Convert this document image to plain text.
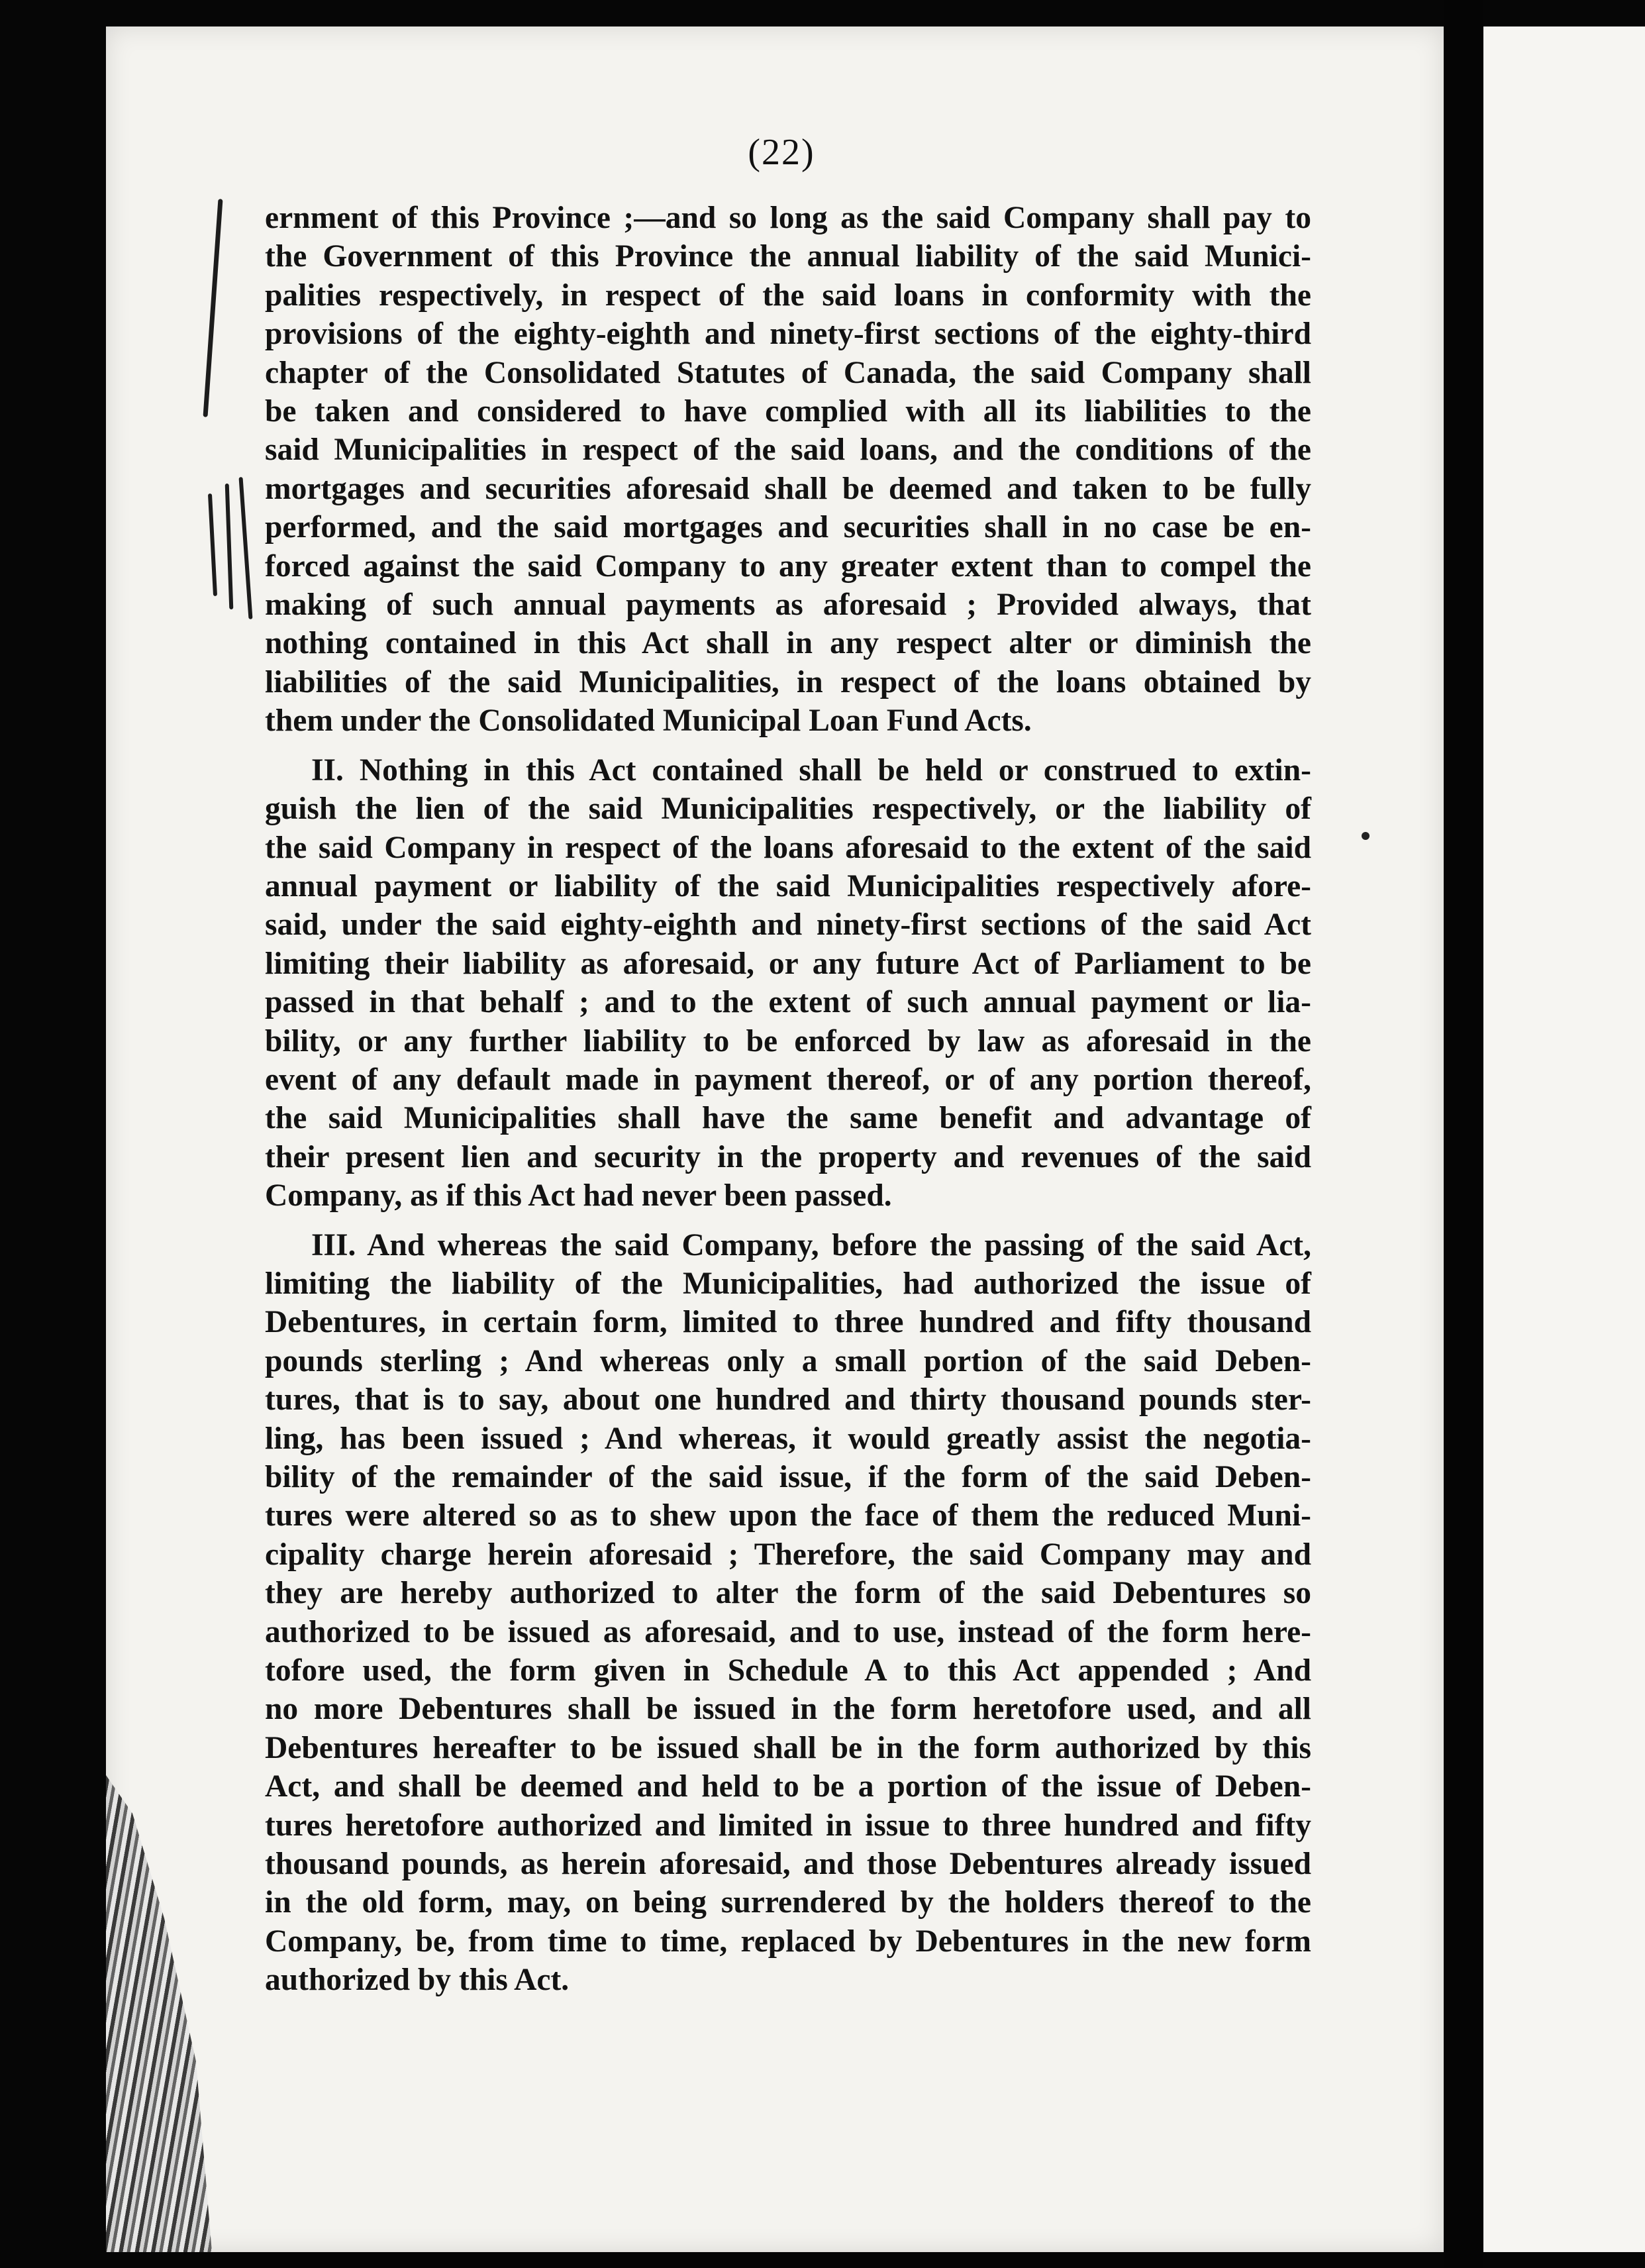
(22)
ernment of this Province ;—and so long as the said Company shall pay to
the Government of this Province the annual liability of the said Munici-
palities respectively, in respect of the said loans in conformity with the
provisions of the eighty-eighth and ninety-first sections of the eighty-third
chapter of the Consolidated Statutes of Canada, the said Company shall
be taken and considered to have complied with all its liabilities to the
said Municipalities in respect of the said loans, and the conditions of the
mortgages and securities aforesaid shall be deemed and taken to be fully
performed, and the said mortgages and securities shall in no case be en-
forced against the said Company to any greater extent than to compel the
making of such annual payments as aforesaid ; Provided always, that
nothing contained in this Act shall in any respect alter or diminish the
liabilities of the said Municipalities, in respect of the loans obtained by
them under the Consolidated Municipal Loan Fund Acts.
II. Nothing in this Act contained shall be held or construed to extin-
guish the lien of the said Municipalities respectively, or the liability of
the said Company in respect of the loans aforesaid to the extent of the said
annual payment or liability of the said Municipalities respectively afore-
said, under the said eighty-eighth and ninety-first sections of the said Act
limiting their liability as aforesaid, or any future Act of Parliament to be
passed in that behalf ; and to the extent of such annual payment or lia-
bility, or any further liability to be enforced by law as aforesaid in the
event of any default made in payment thereof, or of any portion thereof,
the said Municipalities shall have the same benefit and advantage of
their present lien and security in the property and revenues of the said
Company, as if this Act had never been passed.
III. And whereas the said Company, before the passing of the said Act,
limiting the liability of the Municipalities, had authorized the issue of
Debentures, in certain form, limited to three hundred and fifty thousand
pounds sterling ; And whereas only a small portion of the said Deben-
tures, that is to say, about one hundred and thirty thousand pounds ster-
ling, has been issued ; And whereas, it would greatly assist the negotia-
bility of the remainder of the said issue, if the form of the said Deben-
tures were altered so as to shew upon the face of them the reduced Muni-
cipality charge herein aforesaid ; Therefore, the said Company may and
they are hereby authorized to alter the form of the said Debentures so
authorized to be issued as aforesaid, and to use, instead of the form here-
tofore used, the form given in Schedule A to this Act appended ; And
no more Debentures shall be issued in the form heretofore used, and all
Debentures hereafter to be issued shall be in the form authorized by this
Act, and shall be deemed and held to be a portion of the issue of Deben-
tures heretofore authorized and limited in issue to three hundred and fifty
thousand pounds, as herein aforesaid, and those Debentures already issued
in the old form, may, on being surrendered by the holders thereof to the
Company, be, from time to time, replaced by Debentures in the new form
authorized by this Act.
